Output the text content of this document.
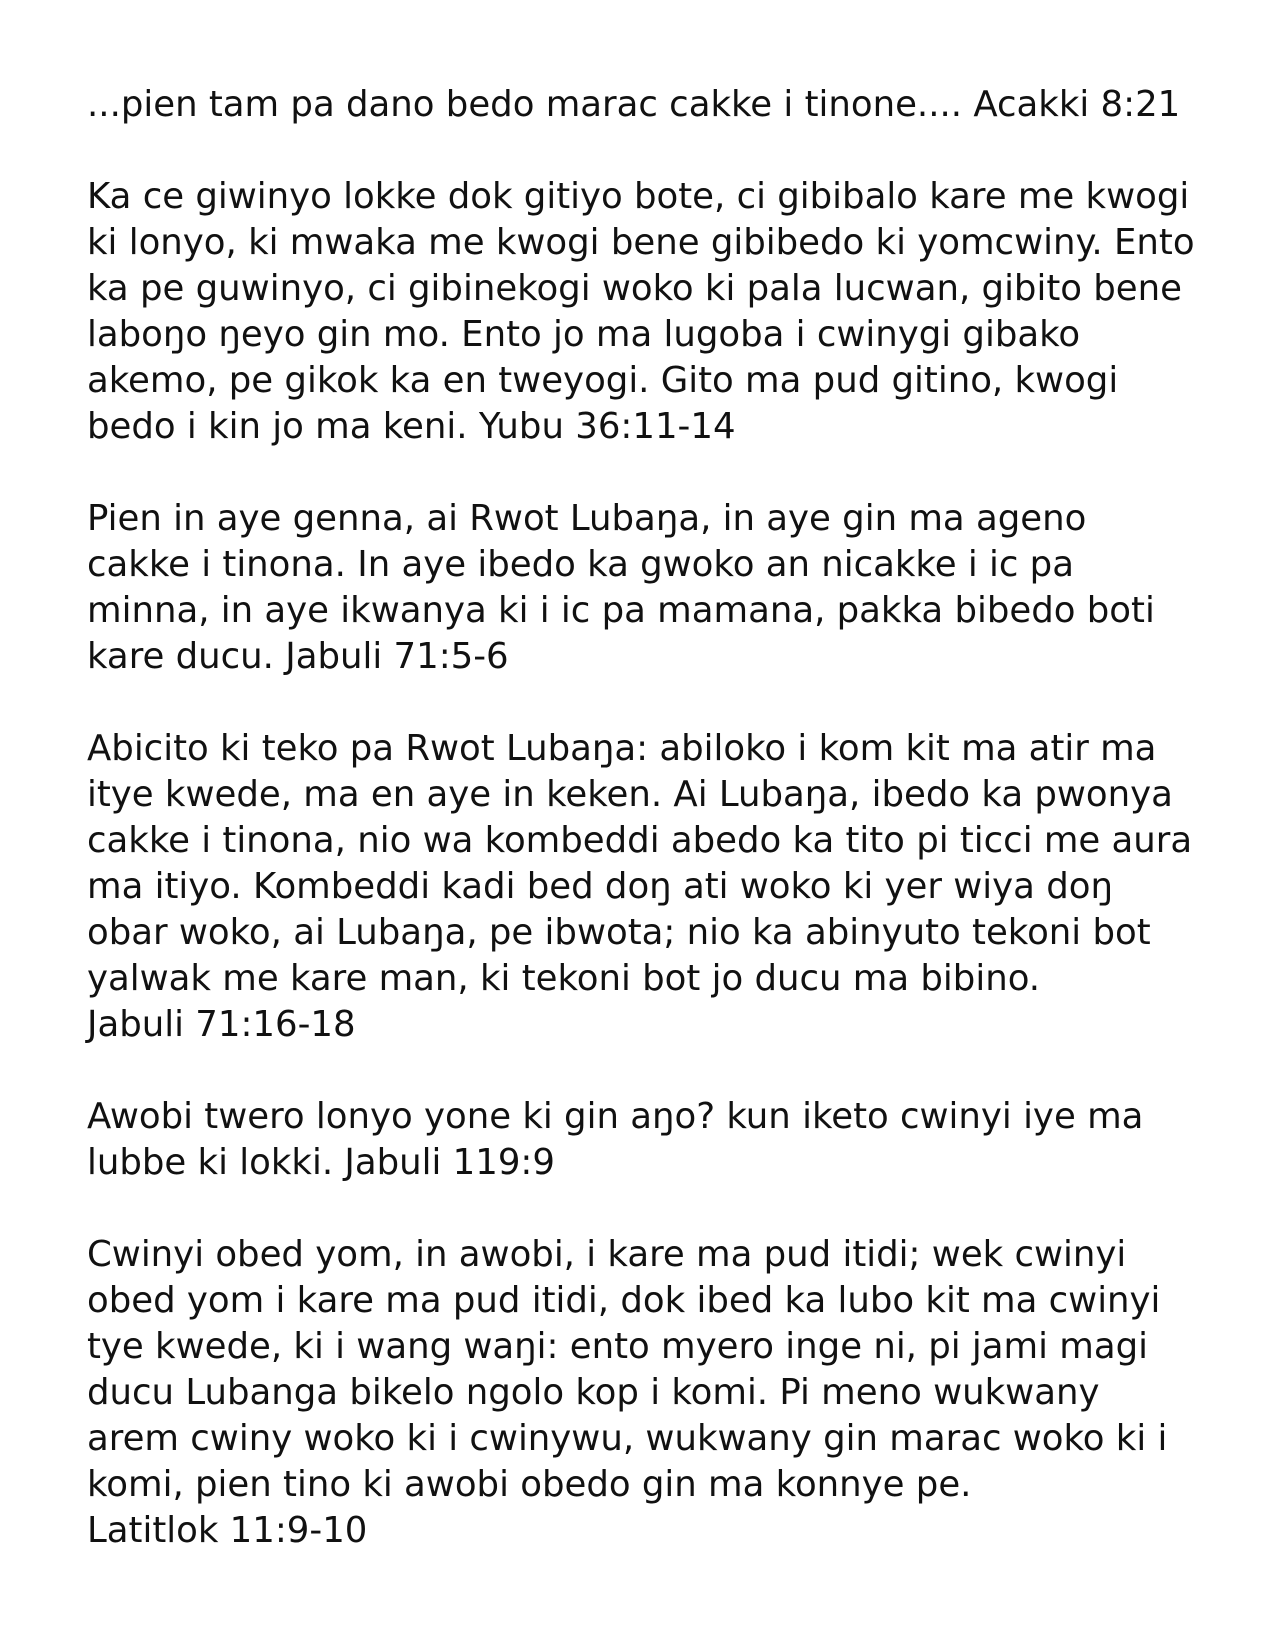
...pien tam pa dano bedo marac cakke i tinone.... Acakki 8:21

Ka ce giwinyo lokke dok gitiyo bote, ci gibibalo kare me kwogi
ki lonyo, ki mwaka me kwogi bene gibibedo ki yomcwiny. Ento
ka pe guwinyo, ci gibinekogi woko ki pala lucwan, gibito bene
laboŋo ŋeyo gin mo. Ento jo ma lugoba i cwinygi gibako
akemo, pe gikok ka en tweyogi. Gito ma pud gitino, kwogi
bedo i kin jo ma keni. Yubu 36:11-14

Pien in aye genna, ai Rwot Lubaŋa, in aye gin ma ageno
cakke i tinona. In aye ibedo ka gwoko an nicakke i ic pa
minna, in aye ikwanya ki i ic pa mamana, pakka bibedo boti
kare ducu. Jabuli 71:5-6

Abicito ki teko pa Rwot Lubaŋa: abiloko i kom kit ma atir ma
itye kwede, ma en aye in keken. Ai Lubaŋa, ibedo ka pwonya
cakke i tinona, nio wa kombeddi abedo ka tito pi ticci me aura
ma itiyo. Kombeddi kadi bed doŋ ati woko ki yer wiya doŋ
obar woko, ai Lubaŋa, pe ibwota; nio ka abinyuto tekoni bot
yalwak me kare man, ki tekoni bot jo ducu ma bibino.
Jabuli 71:16-18

Awobi twero lonyo yone ki gin aŋo? kun iketo cwinyi iye ma
lubbe ki lokki. Jabuli 119:9

Cwinyi obed yom, in awobi, i kare ma pud itidi; wek cwinyi
obed yom i kare ma pud itidi, dok ibed ka lubo kit ma cwinyi
tye kwede, ki i wang waŋi: ento myero inge ni, pi jami magi
ducu Lubanga bikelo ngolo kop i komi. Pi meno wukwany
arem cwiny woko ki i cwinywu, wukwany gin marac woko ki i
komi, pien tino ki awobi obedo gin ma konnye pe.
Latitlok 11:9-10
